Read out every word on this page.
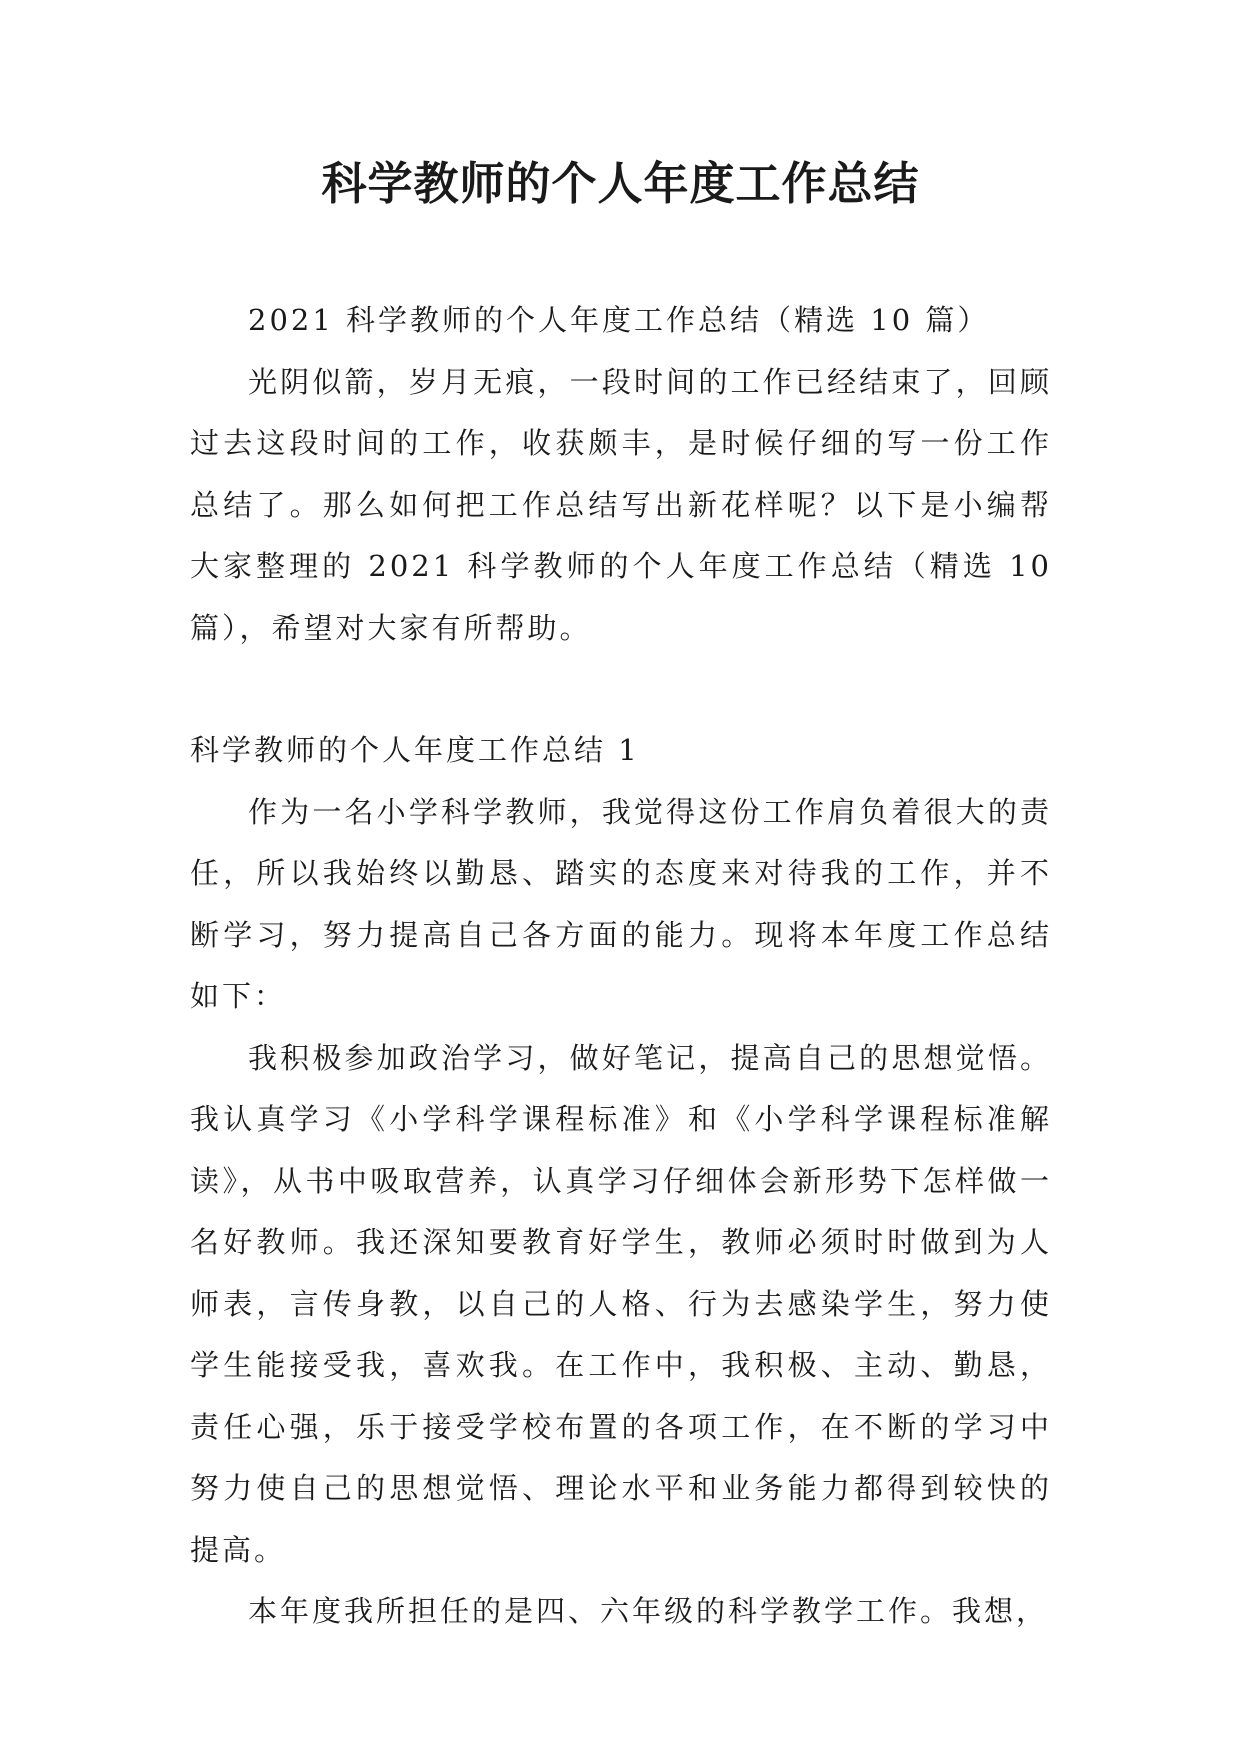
科学教师的个人年度工作总结

2021 科学教师的个人年度工作总结（精选 10 篇）

光阴似箭，岁月无痕，一段时间的工作已经结束了，回顾过去这段时间的工作，收获颇丰，是时候仔细的写一份工作总结了。那么如何把工作总结写出新花样呢？以下是小编帮大家整理的 2021 科学教师的个人年度工作总结（精选 10 篇），希望对大家有所帮助。

科学教师的个人年度工作总结 1

作为一名小学科学教师，我觉得这份工作肩负着很大的责任，所以我始终以勤恳、踏实的态度来对待我的工作，并不断学习，努力提高自己各方面的能力。现将本年度工作总结如下：

我积极参加政治学习，做好笔记，提高自己的思想觉悟。我认真学习《小学科学课程标准》和《小学科学课程标准解读》，从书中吸取营养，认真学习仔细体会新形势下怎样做一名好教师。我还深知要教育好学生，教师必须时时做到为人师表，言传身教，以自己的人格、行为去感染学生，努力使学生能接受我，喜欢我。在工作中，我积极、主动、勤恳，责任心强，乐于接受学校布置的各项工作，在不断的学习中努力使自己的思想觉悟、理论水平和业务能力都得到较快的提高。

本年度我所担任的是四、六年级的科学教学工作。我想，
